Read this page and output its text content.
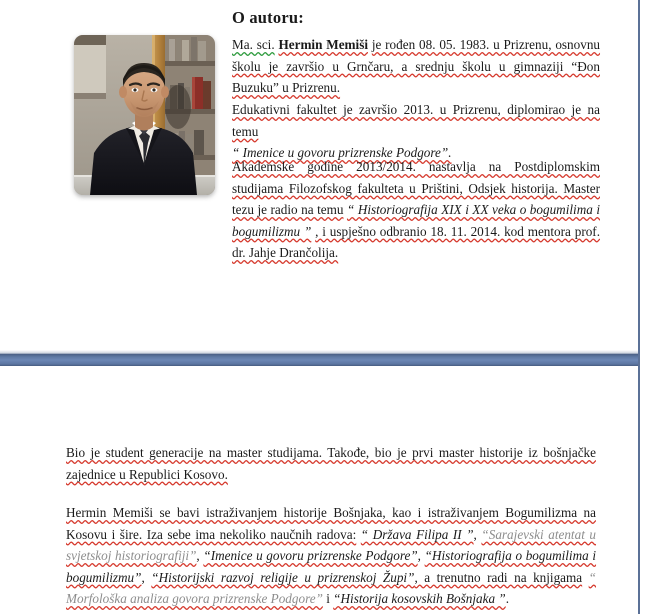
O autoru:
Ma. sci. Hermin Memiši je rođen 08. 05. 1983. u Prizrenu, osnovnu školu je završio u Grnčaru, a srednju školu u gimnaziji “Đon Buzuku” u Prizrenu.
Edukativni fakultet je završio 2013. u Prizrenu, diplomirao je na temu
“ Imenice u govoru prizrenske Podgore”.
Akademske godine 2013/2014. nastavlja na Postdiplomskim studijama Filozofskog fakulteta u Prištini, Odsjek historija. Master tezu je radio na temu “ Historiografija XIX i XX veka o bogumilima i bogumilizmu ” , i uspješno odbranio 18. 11. 2014. kod mentora prof. dr. Jahje Drančolija.
Bio je student generacije na master studijama. Takođe, bio je prvi master historije iz bošnjačke zajednice u Republici Kosovo.
Hermin Memiši se bavi istraživanjem historije Bošnjaka, kao i istraživanjem Bogumilizma na Kosovu i šire. Iza sebe ima nekoliko naučnih radova: “ Država Filipa II ”, “Sarajevski atentat u svjetskoj historiografiji”, “Imenice u govoru prizrenske Podgore”, “Historiografija o bogumilima i bogumilizmu”, “Historijski razvoj religije u prizrenskoj Župi”, a trenutno radi na knjigama “ Morfološka analiza govora prizrenske Podgore” i “Historija kosovskih Bošnjaka ”.
